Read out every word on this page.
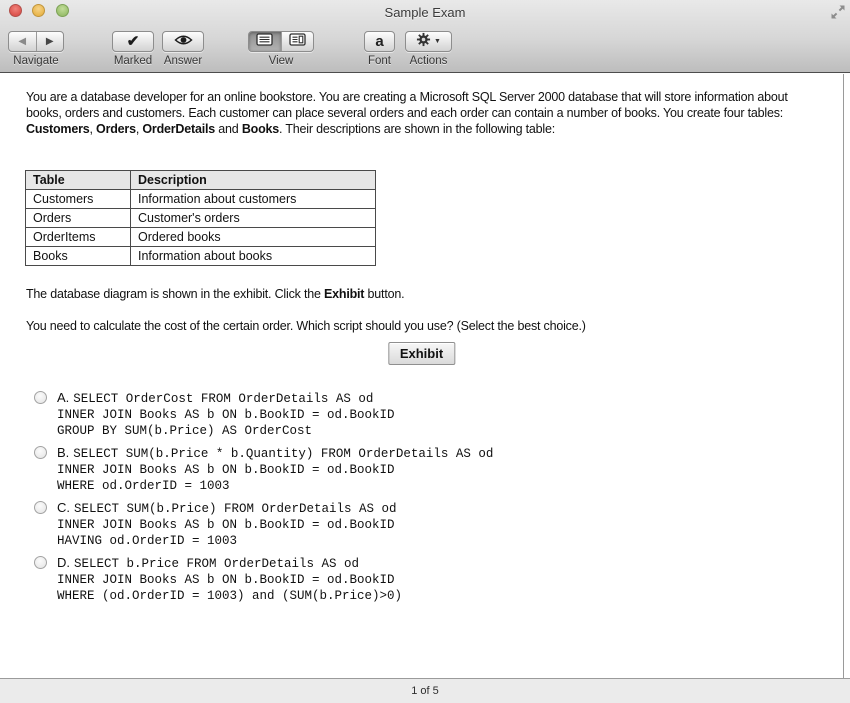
Sample Exam
◀ ▶
Navigate
✔
Marked Answer	View
a
Font
▼
Actions

You are a database developer for an online bookstore. You are creating a Microsoft SQL Server 2000 database that will store information about books, orders and customers. Each customer can place several orders and each order can contain a number of books. You create four tables: Customers, Orders, OrderDetails and Books. Their descriptions are shown in the following table:

Table	Description
Customers	Information about customers
Orders	Customer's orders
OrderItems	Ordered books
Books	Information about books

The database diagram is shown in the exhibit. Click the Exhibit button.

You need to calculate the cost of the certain order. Which script should you use? (Select the best choice.)

Exhibit
A. SELECT OrderCost FROM OrderDetails AS od
INNER JOIN Books AS b ON b.BookID = od.BookID
GROUP BY SUM(b.Price) AS OrderCost
B. SELECT SUM(b.Price * b.Quantity) FROM OrderDetails AS od
INNER JOIN Books AS b ON b.BookID = od.BookID
WHERE od.OrderID = 1003
C. SELECT SUM(b.Price) FROM OrderDetails AS od
INNER JOIN Books AS b ON b.BookID = od.BookID
HAVING od.OrderID = 1003
D. SELECT b.Price FROM OrderDetails AS od
INNER JOIN Books AS b ON b.BookID = od.BookID
WHERE (od.OrderID = 1003) and (SUM(b.Price)>0)
1 of 5
